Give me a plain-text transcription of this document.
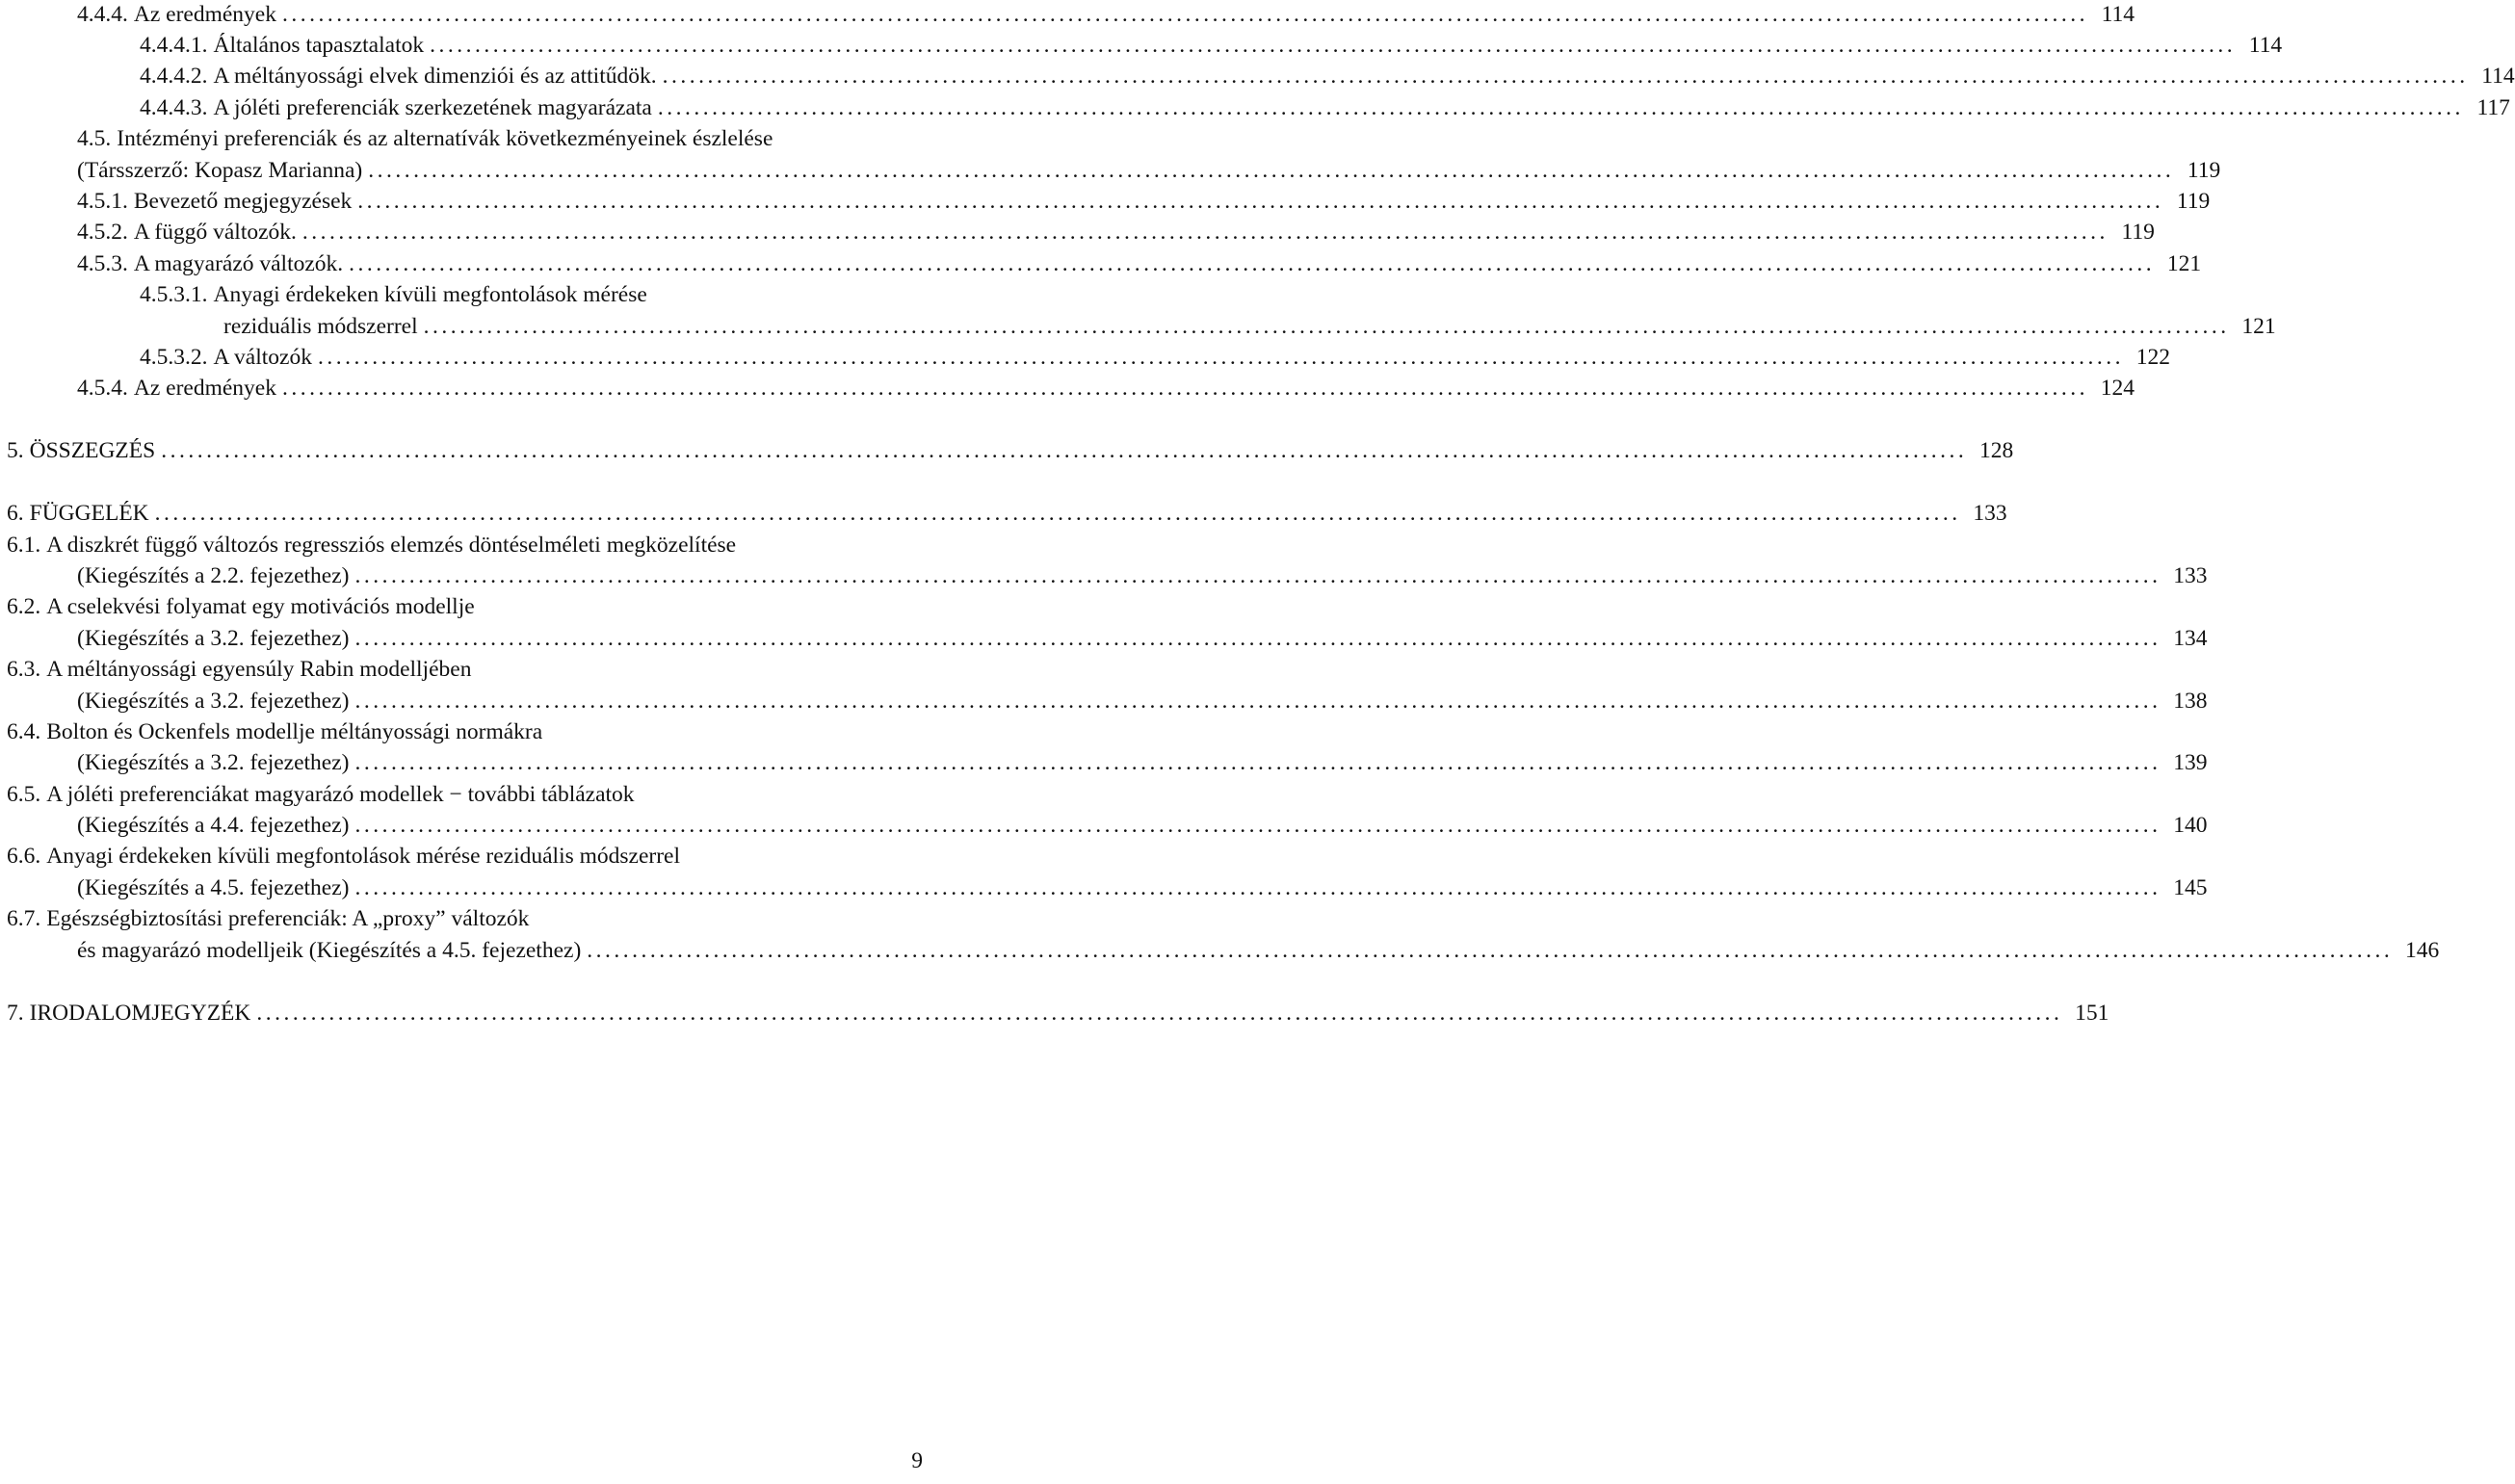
4.4.4. Az eredmények ........................................................................................................................................................................................................ 114
4.4.4.1. Általános tapasztalatok ........................................................................................................................................................................................................ 114
4.4.4.2. A méltányossági elvek dimenziói és az attitűdök. ........................................................................................................................................................................................................ 114
4.4.4.3. A jóléti preferenciák szerkezetének magyarázata ........................................................................................................................................................................................................ 117
4.5. Intézményi preferenciák és az alternatívák következményeinek észlelése
(Társszerző: Kopasz Marianna) ........................................................................................................................................................................................................ 119
4.5.1. Bevezető megjegyzések ........................................................................................................................................................................................................ 119
4.5.2. A függő változók. ........................................................................................................................................................................................................ 119
4.5.3. A magyarázó változók. ........................................................................................................................................................................................................ 121
4.5.3.1. Anyagi érdekeken kívüli megfontolások mérése
reziduális módszerrel ........................................................................................................................................................................................................ 121
4.5.3.2. A változók ........................................................................................................................................................................................................ 122
4.5.4. Az eredmények ........................................................................................................................................................................................................ 124
5. ÖSSZEGZÉS ........................................................................................................................................................................................................ 128
6. FÜGGELÉK ........................................................................................................................................................................................................ 133
6.1. A diszkrét függő változós regressziós elemzés döntéselméleti megközelítése
(Kiegészítés a 2.2. fejezethez) ........................................................................................................................................................................................................ 133
6.2. A cselekvési folyamat egy motivációs modellje
(Kiegészítés a 3.2. fejezethez) ........................................................................................................................................................................................................ 134
6.3. A méltányossági egyensúly Rabin modelljében
(Kiegészítés a 3.2. fejezethez) ........................................................................................................................................................................................................ 138
6.4. Bolton és Ockenfels modellje méltányossági normákra
(Kiegészítés a 3.2. fejezethez) ........................................................................................................................................................................................................ 139
6.5. A jóléti preferenciákat magyarázó modellek − további táblázatok
(Kiegészítés a 4.4. fejezethez) ........................................................................................................................................................................................................ 140
6.6. Anyagi érdekeken kívüli megfontolások mérése reziduális módszerrel
(Kiegészítés a 4.5. fejezethez) ........................................................................................................................................................................................................ 145
6.7. Egészségbiztosítási preferenciák: A „proxy” változók
és magyarázó modelljeik (Kiegészítés a 4.5. fejezethez) ........................................................................................................................................................................................................ 146
7. IRODALOMJEGYZÉK ........................................................................................................................................................................................................ 151
9
